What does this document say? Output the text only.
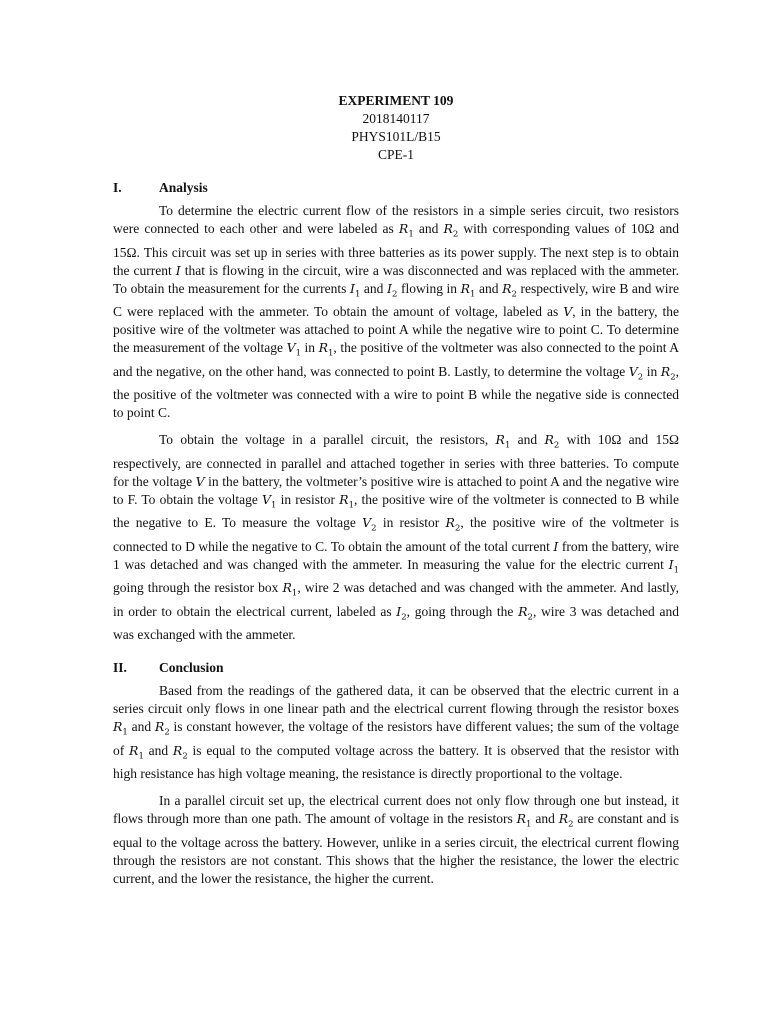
EXPERIMENT 109
2018140117
PHYS101L/B15
CPE-1
I.	Analysis

To determine the electric current flow of the resistors in a simple series circuit, two resistors were connected to each other and were labeled as $R_1$ and $R_2$ with corresponding values of 10Ω and 15Ω. This circuit was set up in series with three batteries as its power supply. The next step is to obtain the current I that is flowing in the circuit, wire a was disconnected and was replaced with the ammeter. To obtain the measurement for the currents $I_1$ and $I_2$ flowing in $R_1$ and $R_2$ respectively, wire B and wire C were replaced with the ammeter. To obtain the amount of voltage, labeled as V, in the battery, the positive wire of the voltmeter was attached to point A while the negative wire to point C. To determine the measurement of the voltage $V_1$ in $R_1$, the positive of the voltmeter was also connected to the point A and the negative, on the other hand, was connected to point B. Lastly, to determine the voltage $V_2$ in $R_2$, the positive of the voltmeter was connected with a wire to point B while the negative side is connected to point C.

To obtain the voltage in a parallel circuit, the resistors, $R_1$ and $R_2$ with 10Ω and 15Ω respectively, are connected in parallel and attached together in series with three batteries. To compute for the voltage V in the battery, the voltmeter’s positive wire is attached to point A and the negative wire to F. To obtain the voltage $V_1$ in resistor $R_1$, the positive wire of the voltmeter is connected to B while the negative to E. To measure the voltage $V_2$ in resistor $R_2$, the positive wire of the voltmeter is connected to D while the negative to C. To obtain the amount of the total current I from the battery, wire 1 was detached and was changed with the ammeter. In measuring the value for the electric current $I_1$ going through the resistor box $R_1$, wire 2 was detached and was changed with the ammeter. And lastly, in order to obtain the electrical current, labeled as $I_2$, going through the $R_2$, wire 3 was detached and was exchanged with the ammeter.

II.	Conclusion

Based from the readings of the gathered data, it can be observed that the electric current in a series circuit only flows in one linear path and the electrical current flowing through the resistor boxes $R_1$ and $R_2$ is constant however, the voltage of the resistors have different values; the sum of the voltage of $R_1$ and $R_2$ is equal to the computed voltage across the battery. It is observed that the resistor with high resistance has high voltage meaning, the resistance is directly proportional to the voltage.

In a parallel circuit set up, the electrical current does not only flow through one but instead, it flows through more than one path. The amount of voltage in the resistors $R_1$ and $R_2$ are constant and is equal to the voltage across the battery. However, unlike in a series circuit, the electrical current flowing through the resistors are not constant. This shows that the higher the resistance, the lower the electric current, and the lower the resistance, the higher the current.
